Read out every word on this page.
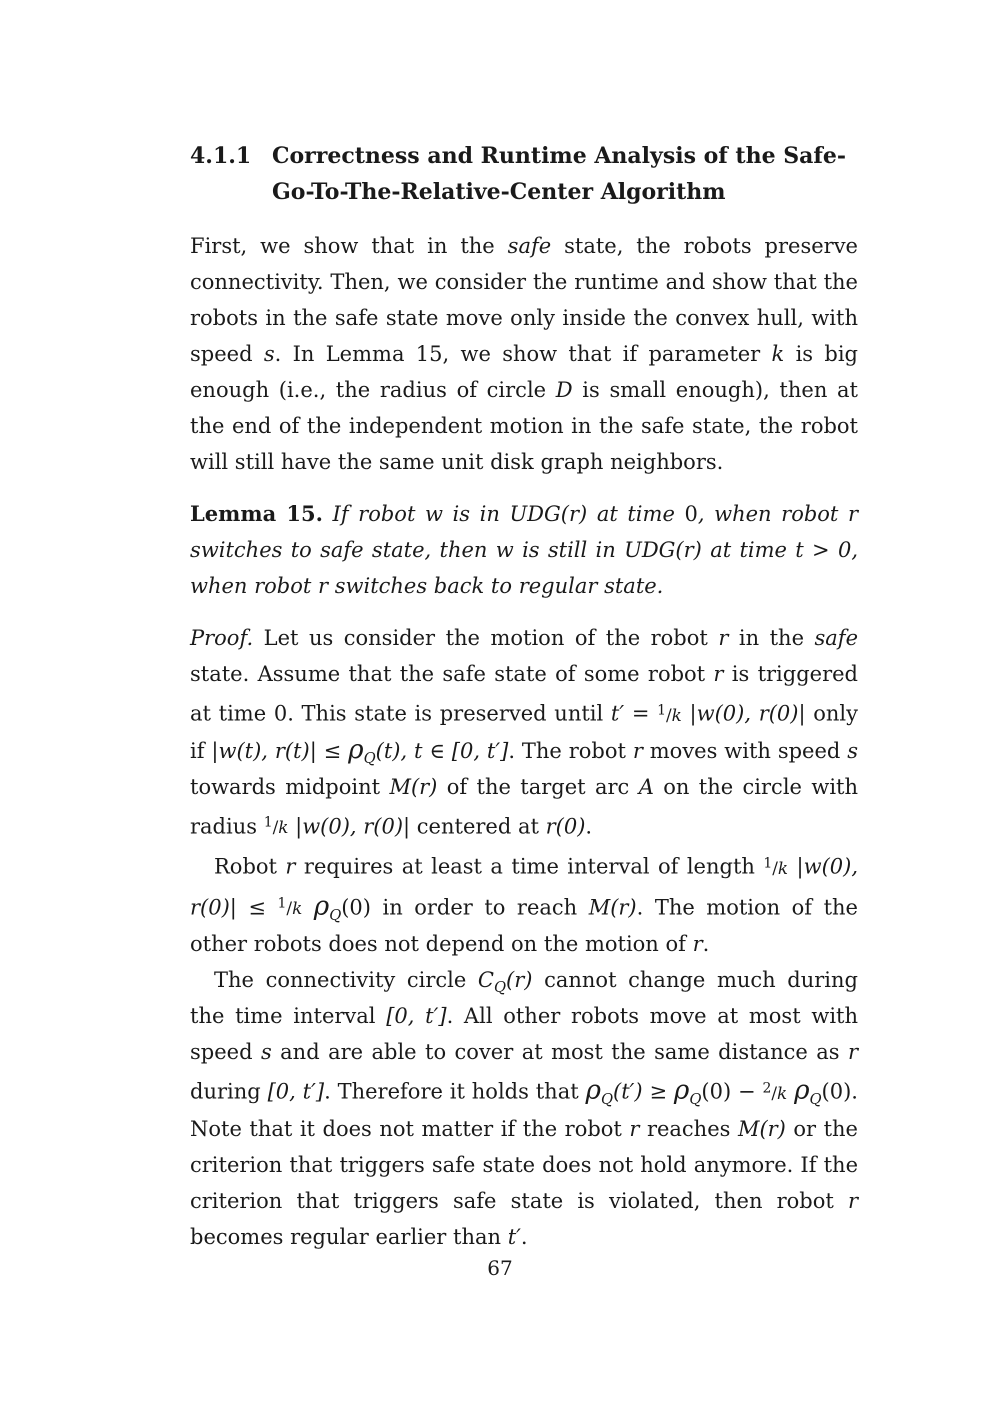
4.1.1 Correctness and Runtime Analysis of the Safe-Go-To-The-Relative-Center Algorithm

First, we show that in the safe state, the robots preserve connectivity. Then, we consider the runtime and show that the robots in the safe state move only inside the convex hull, with speed s. In Lemma 15, we show that if parameter k is big enough (i.e., the radius of circle D is small enough), then at the end of the independent motion in the safe state, the robot will still have the same unit disk graph neighbors.

Lemma 15. If robot w is in UDG(r) at time 0, when robot r switches to safe state, then w is still in UDG(r) at time t > 0, when robot r switches back to regular state.

Proof. Let us consider the motion of the robot r in the safe state. Assume that the safe state of some robot r is triggered at time 0. This state is preserved until t′ = $^1$/k |w(0), r(0)| only if |w(t), $r(t)| \le \rho_Q(t)$, t ∈ [0, t′]. The robot r moves with speed s towards midpoint M(r) of the target arc A on the circle with radius $^1$/k |w(0), r(0)| centered at r(0).

Robot r requires at least a time interval of length $^1$/k |w(0), r(0)| ≤ $^1$/k $\rho_Q(0)$ in order to reach M(r). The motion of the other robots does not depend on the motion of r.

The connectivity circle $C_Q(r)$ cannot change much during the time interval [0, t′]. All other robots move at most with speed s and are able to cover at most the same distance as r during [0, t′]. Therefore it holds that $\rho_Q(t') \ge \rho_Q(0) - ^2/k$ $\rho_Q(0)$. Note that it does not matter if the robot r reaches M(r) or the criterion that triggers safe state does not hold anymore. If the criterion that triggers safe state is violated, then robot r becomes regular earlier than t′.

67
